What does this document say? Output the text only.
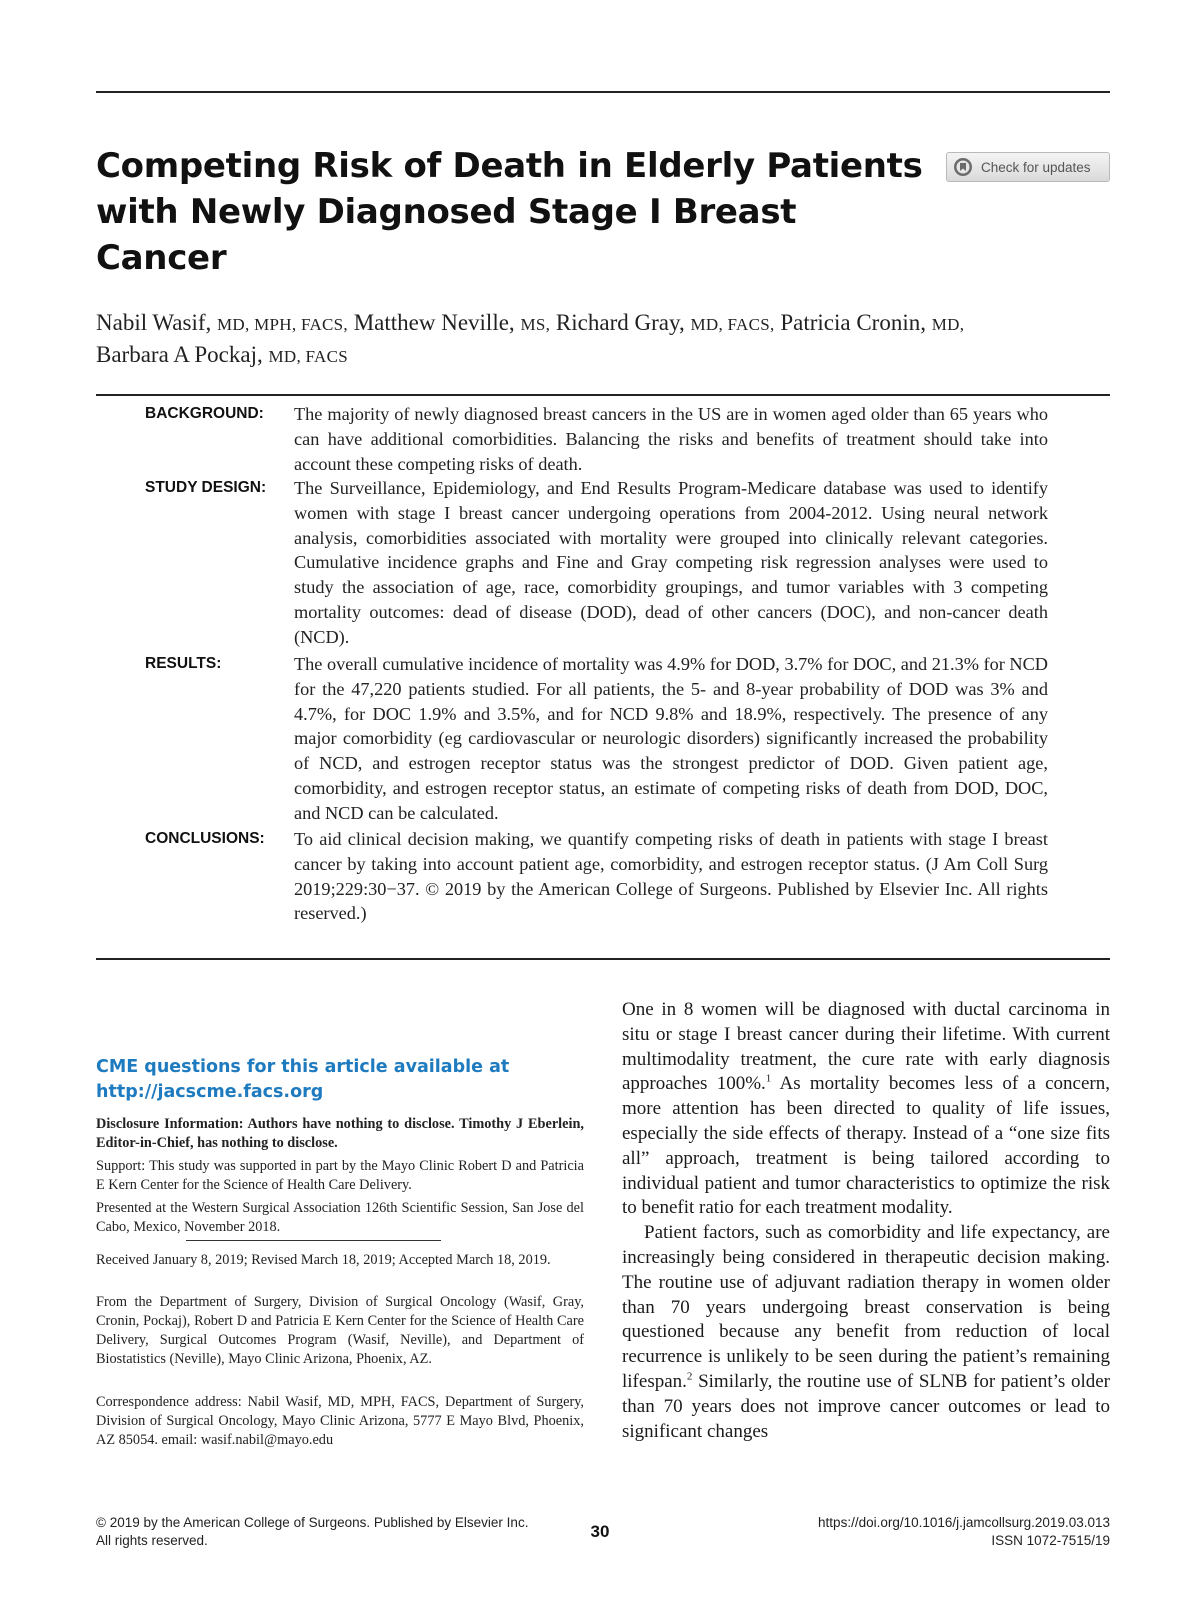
Competing Risk of Death in Elderly Patients with Newly Diagnosed Stage I Breast Cancer
Check for updates
Nabil Wasif, MD, MPH, FACS, Matthew Neville, MS, Richard Gray, MD, FACS, Patricia Cronin, MD,
Barbara A Pockaj, MD, FACS
BACKGROUND: The majority of newly diagnosed breast cancers in the US are in women aged older than 65 years who can have additional comorbidities. Balancing the risks and benefits of treatment should take into account these competing risks of death.
STUDY DESIGN: The Surveillance, Epidemiology, and End Results Program-Medicare database was used to identify women with stage I breast cancer undergoing operations from 2004-2012. Using neural network analysis, comorbidities associated with mortality were grouped into clinically relevant categories. Cumulative incidence graphs and Fine and Gray competing risk regression analyses were used to study the association of age, race, comorbidity groupings, and tumor variables with 3 competing mortality outcomes: dead of disease (DOD), dead of other cancers (DOC), and non-cancer death (NCD).
RESULTS:	The overall cumulative incidence of mortality was 4.9% for DOD, 3.7% for DOC, and 21.3% for NCD for the 47,220 patients studied. For all patients, the 5- and 8-year probability of DOD was 3% and 4.7%, for DOC 1.9% and 3.5%, and for NCD 9.8% and 18.9%, respectively. The presence of any major comorbidity (eg cardiovascular or neurologic disorders) significantly increased the probability of NCD, and estrogen receptor status was the strongest predictor of DOD. Given patient age, comorbidity, and estrogen receptor status, an estimate of competing risks of death from DOD, DOC, and NCD can be calculated.
CONCLUSIONS: To aid clinical decision making, we quantify competing risks of death in patients with stage I breast cancer by taking into account patient age, comorbidity, and estrogen receptor status. (J Am Coll Surg 2019;229:30−37. © 2019 by the American College of Surgeons. Published by Elsevier Inc. All rights reserved.)
CME questions for this article available at
http://jacscme.facs.org
Disclosure Information: Authors have nothing to disclose. Timothy J Eberlein, Editor-in-Chief, has nothing to disclose.
Support: This study was supported in part by the Mayo Clinic Robert D and Patricia E Kern Center for the Science of Health Care Delivery.
Presented at the Western Surgical Association 126th Scientific Session, San Jose del Cabo, Mexico, November 2018.
Received January 8, 2019; Revised March 18, 2019; Accepted March 18, 2019.
From the Department of Surgery, Division of Surgical Oncology (Wasif, Gray, Cronin, Pockaj), Robert D and Patricia E Kern Center for the Science of Health Care Delivery, Surgical Outcomes Program (Wasif, Neville), and Department of Biostatistics (Neville), Mayo Clinic Arizona, Phoenix, AZ.
Correspondence address: Nabil Wasif, MD, MPH, FACS, Department of Surgery, Division of Surgical Oncology, Mayo Clinic Arizona, 5777 E Mayo Blvd, Phoenix, AZ 85054. email: wasif.nabil@mayo.edu

One in 8 women will be diagnosed with ductal carcinoma in situ or stage I breast cancer during their lifetime. With current multimodality treatment, the cure rate with early diagnosis approaches 100%.$^1$ As mortality becomes less of a concern, more attention has been directed to quality of life issues, especially the side effects of therapy. Instead of a “one size fits all” approach, treatment is being tailored according to individual patient and tumor characteristics to optimize the risk to benefit ratio for each treatment modality.

Patient factors, such as comorbidity and life expectancy, are increasingly being considered in therapeutic decision making. The routine use of adjuvant radiation therapy in women older than 70 years undergoing breast conservation is being questioned because any benefit from reduction of local recurrence is unlikely to be seen during the patient’s remaining lifespan.$^2$ Similarly, the routine use of SLNB for patient’s older than 70 years does not improve cancer outcomes or lead to significant changes

© 2019 by the American College of Surgeons. Published by Elsevier Inc.
All rights reserved.	30	https://doi.org/10.1016/j.jamcollsurg.2019.03.013
ISSN 1072-7515/19
